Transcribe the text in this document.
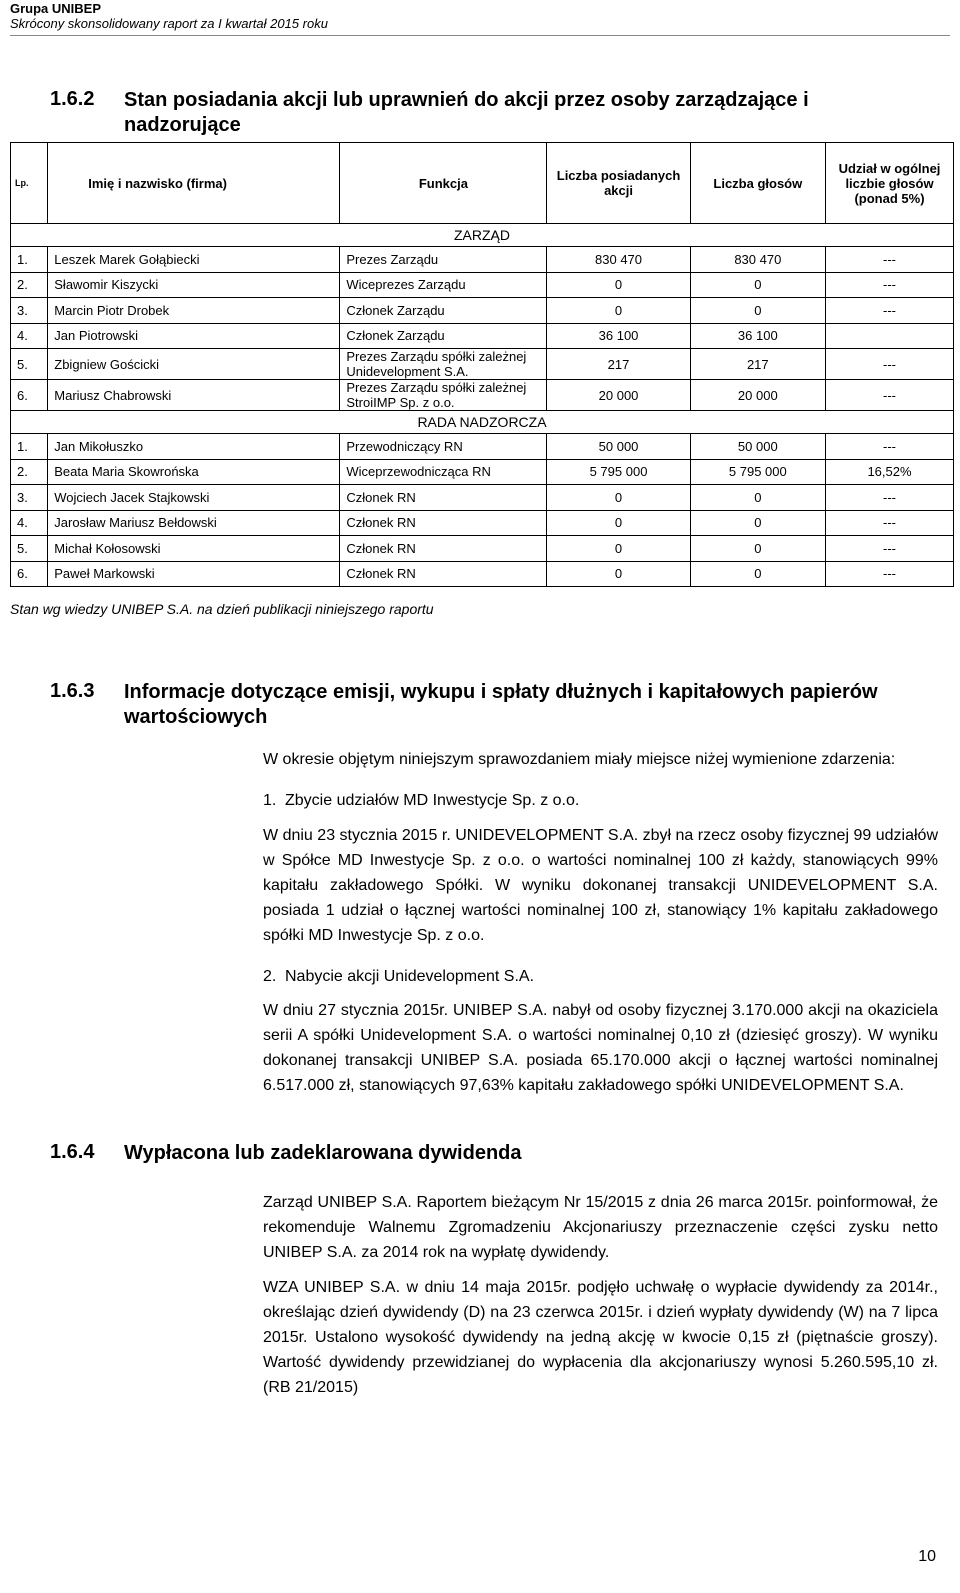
Grupa UNIBEP
Skrócony skonsolidowany raport za I kwartał 2015 roku
1.6.2 Stan posiadania akcji lub uprawnień do akcji przez osoby zarządzające i nadzorujące
Lp.	Imię i nazwisko (firma)	Funkcja	Liczba posiadanych akcji	Liczba głosów	Udział w ogólnej liczbie głosów (ponad 5%)
ZARZĄD					
1.	Leszek Marek Gołąbiecki	Prezes Zarządu	830 470	830 470	---
2.	Sławomir Kiszycki	Wiceprezes Zarządu	0	0	---
3.	Marcin Piotr Drobek	Członek Zarządu	0	0	---
4.	Jan Piotrowski	Członek Zarządu	36 100	36 100	
5.	Zbigniew Gościcki	Prezes Zarządu spółki zależnej Unidevelopment S.A.	217	217	---
6.	Mariusz Chabrowski	Prezes Zarządu spółki zależnej StroiIMP Sp. z o.o.	20 000	20 000	---
RADA NADZORCZA					
1.	Jan Mikołuszko	Przewodniczący RN	50 000	50 000	---
2.	Beata Maria Skowrońska	Wiceprzewodnicząca RN	5 795 000	5 795 000	16,52%
3.	Wojciech Jacek Stajkowski	Członek RN	0	0	---
4.	Jarosław Mariusz Bełdowski	Członek RN	0	0	---
5.	Michał Kołosowski	Członek RN	0	0	---
6.	Paweł Markowski	Członek RN	0	0	---
Stan wg wiedzy UNIBEP S.A. na dzień publikacji niniejszego raportu
1.6.3 Informacje dotyczące emisji, wykupu i spłaty dłużnych i kapitałowych papierów wartościowych
W okresie objętym niniejszym sprawozdaniem miały miejsce niżej wymienione zdarzenia:
1. Zbycie udziałów MD Inwestycje Sp. z o.o.
W dniu 23 stycznia 2015 r. UNIDEVELOPMENT S.A. zbył na rzecz osoby fizycznej 99 udziałów w Spółce MD Inwestycje Sp. z o.o. o wartości nominalnej 100 zł każdy, stanowiących 99% kapitału zakładowego Spółki. W wyniku dokonanej transakcji UNIDEVELOPMENT S.A. posiada 1 udział o łącznej wartości nominalnej 100 zł, stanowiący 1% kapitału zakładowego spółki MD Inwestycje Sp. z o.o.
2. Nabycie akcji Unidevelopment S.A.
W dniu 27 stycznia 2015r. UNIBEP S.A. nabył od osoby fizycznej 3.170.000 akcji na okaziciela serii A spółki Unidevelopment S.A. o wartości nominalnej 0,10 zł (dziesięć groszy). W wyniku dokonanej transakcji UNIBEP S.A. posiada 65.170.000 akcji o łącznej wartości nominalnej 6.517.000 zł, stanowiących 97,63% kapitału zakładowego spółki UNIDEVELOPMENT S.A.
1.6.4 Wypłacona lub zadeklarowana dywidenda
Zarząd UNIBEP S.A. Raportem bieżącym Nr 15/2015 z dnia 26 marca 2015r. poinformował, że rekomenduje Walnemu Zgromadzeniu Akcjonariuszy przeznaczenie części zysku netto UNIBEP S.A. za 2014 rok na wypłatę dywidendy.
WZA UNIBEP S.A. w dniu 14 maja 2015r. podjęło uchwałę o wypłacie dywidendy za 2014r., określając dzień dywidendy (D) na 23 czerwca 2015r. i dzień wypłaty dywidendy (W) na 7 lipca 2015r. Ustalono wysokość dywidendy na jedną akcję w kwocie 0,15 zł (piętnaście groszy). Wartość dywidendy przewidzianej do wypłacenia dla akcjonariuszy wynosi 5.260.595,10 zł. (RB 21/2015)
10
